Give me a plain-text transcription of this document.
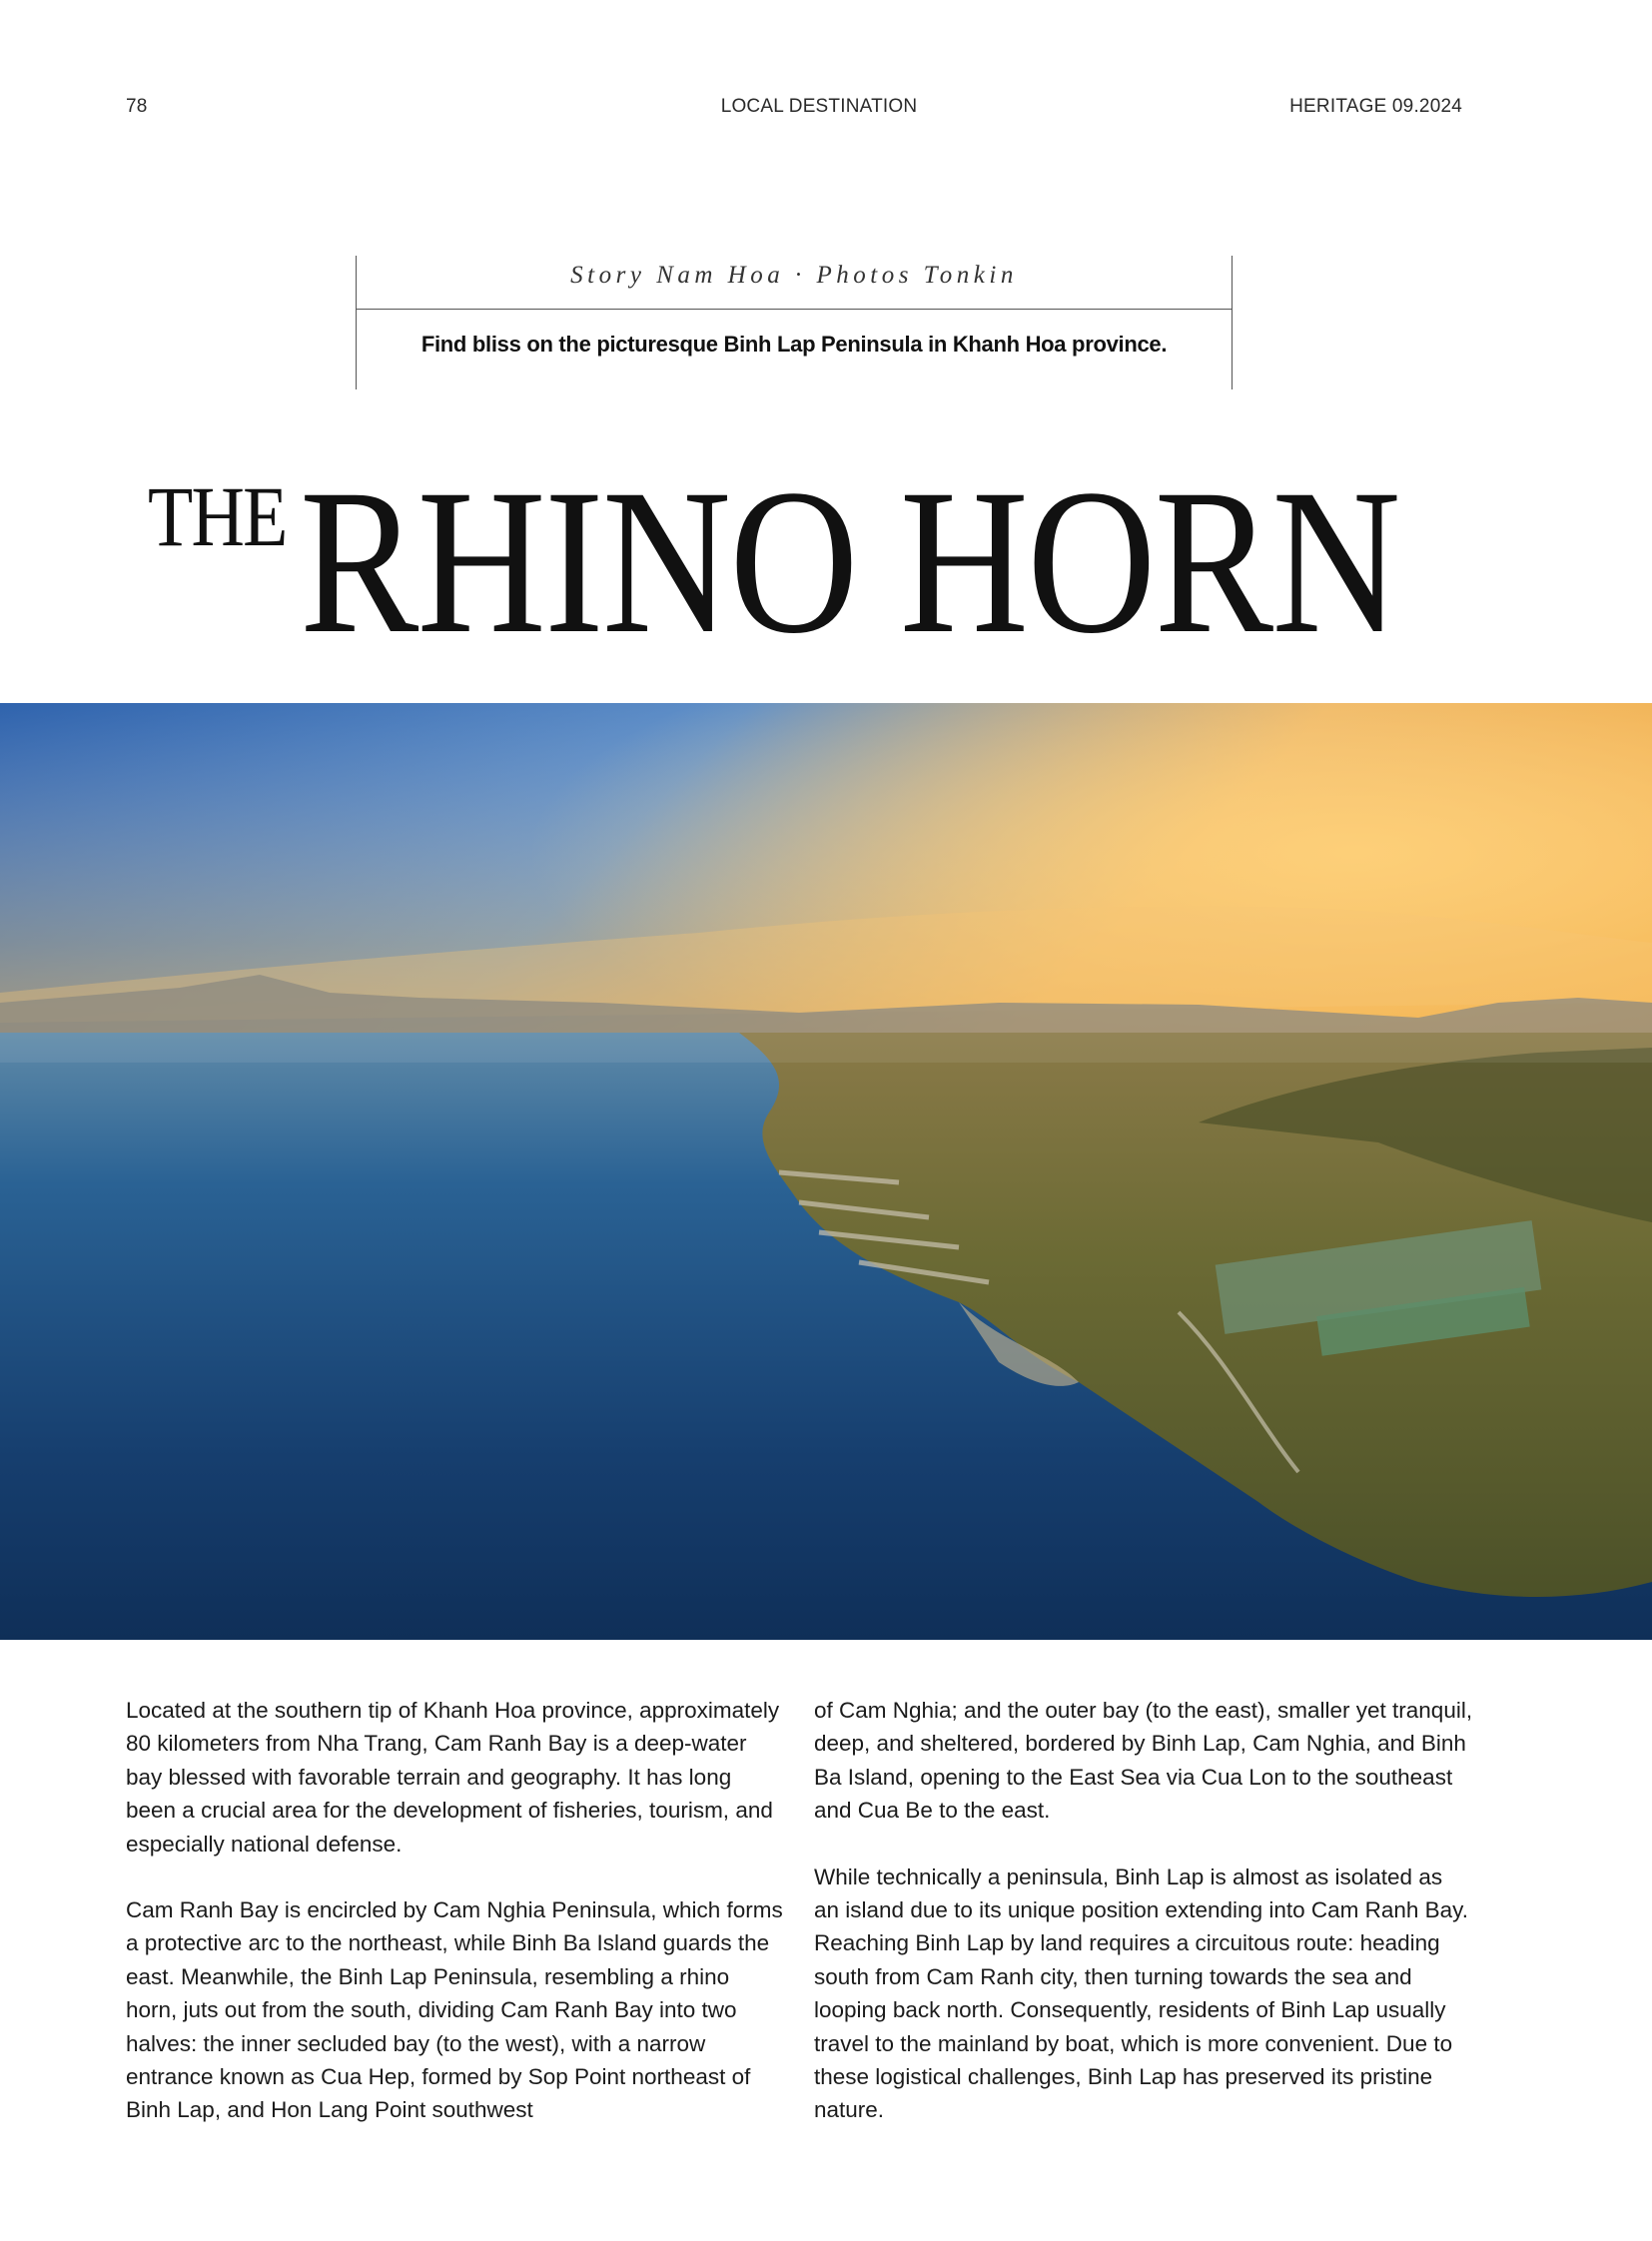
78	LOCAL DESTINATION	HERITAGE 09.2024
Story Nam Hoa · Photos Tonkin
Find bliss on the picturesque Binh Lap Peninsula in Khanh Hoa province.
THE RHINO HORN

Located at the southern tip of Khanh Hoa province, approximately 80 kilometers from Nha Trang, Cam Ranh Bay is a deep-water bay blessed with favorable terrain and geography. It has long been a crucial area for the development of fisheries, tourism, and especially national defense.

Cam Ranh Bay is encircled by Cam Nghia Peninsula, which forms a protective arc to the northeast, while Binh Ba Island guards the east. Meanwhile, the Binh Lap Peninsula, resembling a rhino horn, juts out from the south, dividing Cam Ranh Bay into two halves: the inner secluded bay (to the west), with a narrow entrance known as Cua Hep, formed by Sop Point northeast of Binh Lap, and Hon Lang Point southwest

of Cam Nghia; and the outer bay (to the east), smaller yet tranquil, deep, and sheltered, bordered by Binh Lap, Cam Nghia, and Binh Ba Island, opening to the East Sea via Cua Lon to the southeast and Cua Be to the east.

While technically a peninsula, Binh Lap is almost as isolated as an island due to its unique position extending into Cam Ranh Bay. Reaching Binh Lap by land requires a circuitous route: heading south from Cam Ranh city, then turning towards the sea and looping back north. Consequently, residents of Binh Lap usually travel to the mainland by boat, which is more convenient. Due to these logistical challenges, Binh Lap has preserved its pristine nature.
